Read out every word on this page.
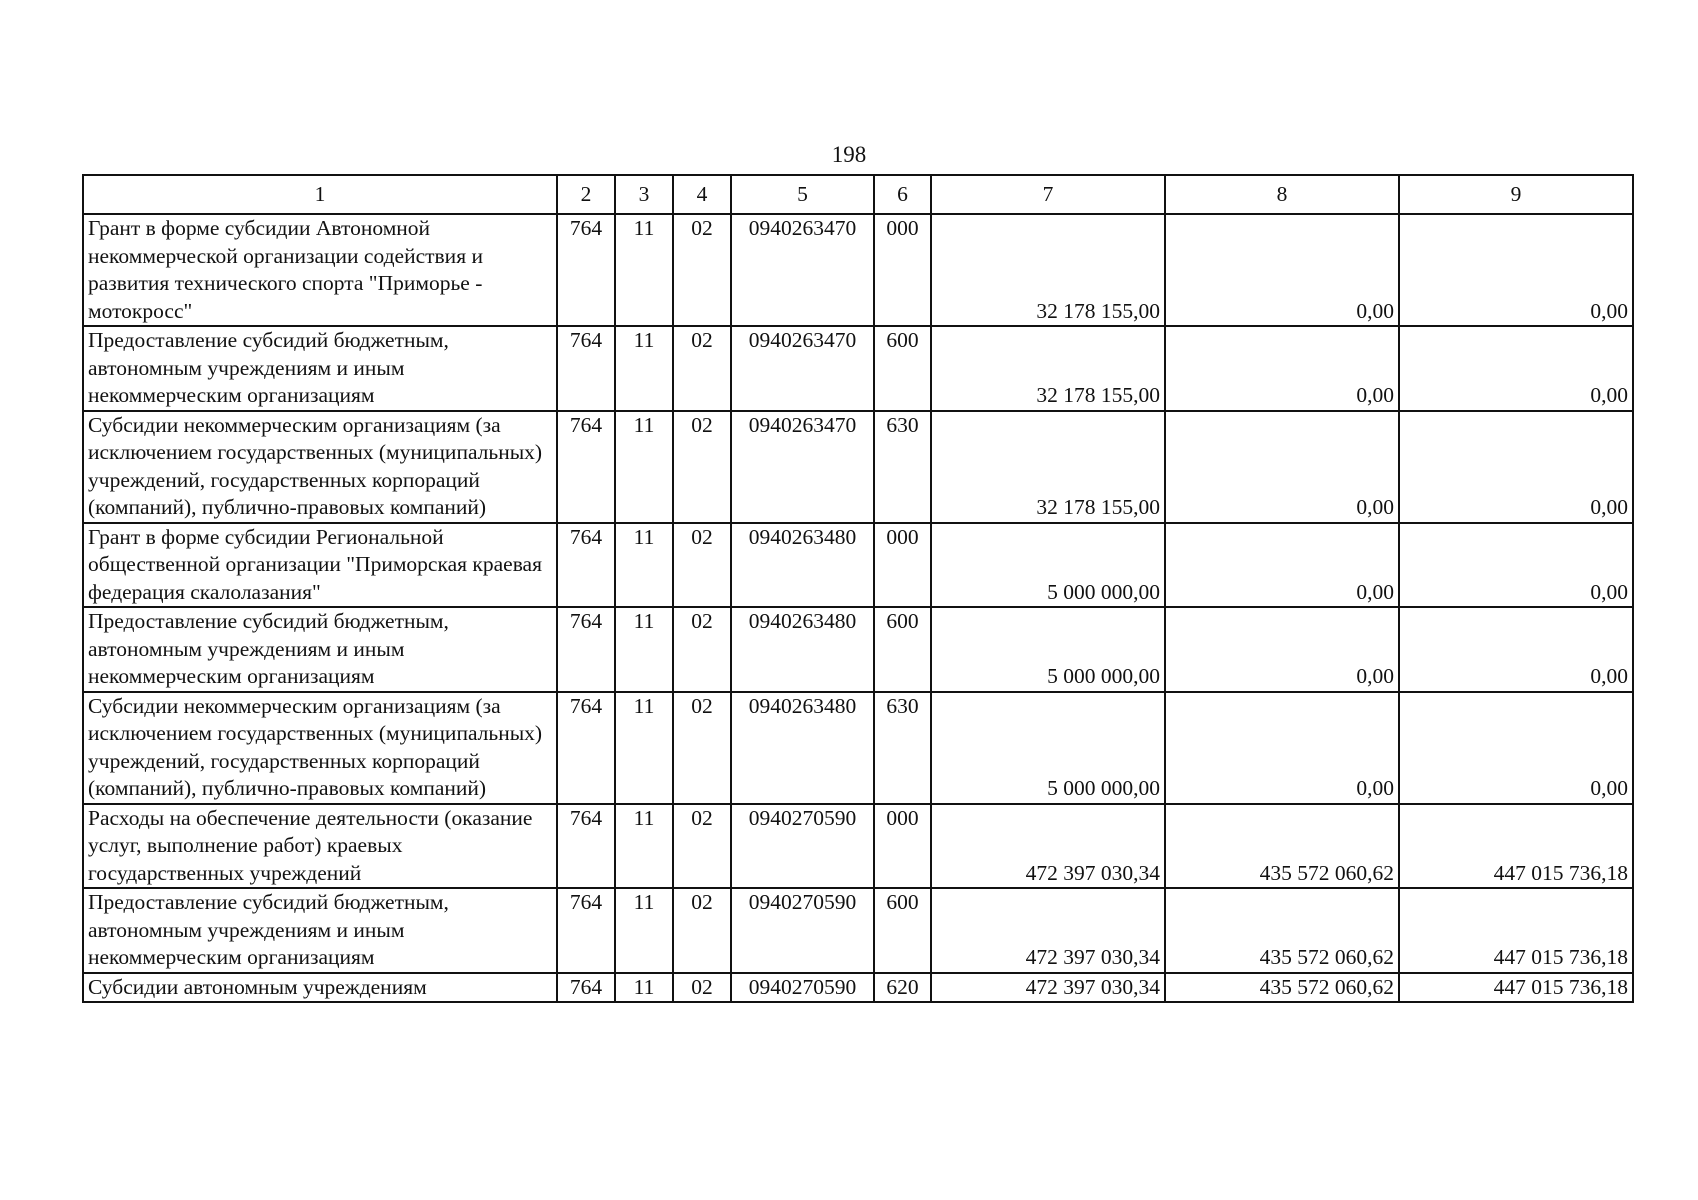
198
1	2	3	4	5	6	7	8	9
Грант в форме субсидии Автономной некоммерческой организации содействия и развития технического спорта "Приморье - мотокросс"	764	11	02	0940263470	000	32 178 155,00	0,00	0,00
Предоставление субсидий бюджетным, автономным учреждениям и иным некоммерческим организациям	764	11	02	0940263470	600	32 178 155,00	0,00	0,00
Субсидии некоммерческим организациям (за исключением государственных (муниципальных) учреждений, государственных корпораций (компаний), публично-правовых компаний)	764	11	02	0940263470	630	32 178 155,00	0,00	0,00
Грант в форме субсидии Региональной общественной организации "Приморская краевая федерация скалолазания"	764	11	02	0940263480	000	5 000 000,00	0,00	0,00
Предоставление субсидий бюджетным, автономным учреждениям и иным некоммерческим организациям	764	11	02	0940263480	600	5 000 000,00	0,00	0,00
Субсидии некоммерческим организациям (за исключением государственных (муниципальных) учреждений, государственных корпораций (компаний), публично-правовых компаний)	764	11	02	0940263480	630	5 000 000,00	0,00	0,00
Расходы на обеспечение деятельности (оказание услуг, выполнение работ) краевых государственных учреждений	764	11	02	0940270590	000	472 397 030,34	435 572 060,62	447 015 736,18
Предоставление субсидий бюджетным, автономным учреждениям и иным некоммерческим организациям	764	11	02	0940270590	600	472 397 030,34	435 572 060,62	447 015 736,18
Субсидии автономным учреждениям	764	11	02	0940270590	620	472 397 030,34	435 572 060,62	447 015 736,18
